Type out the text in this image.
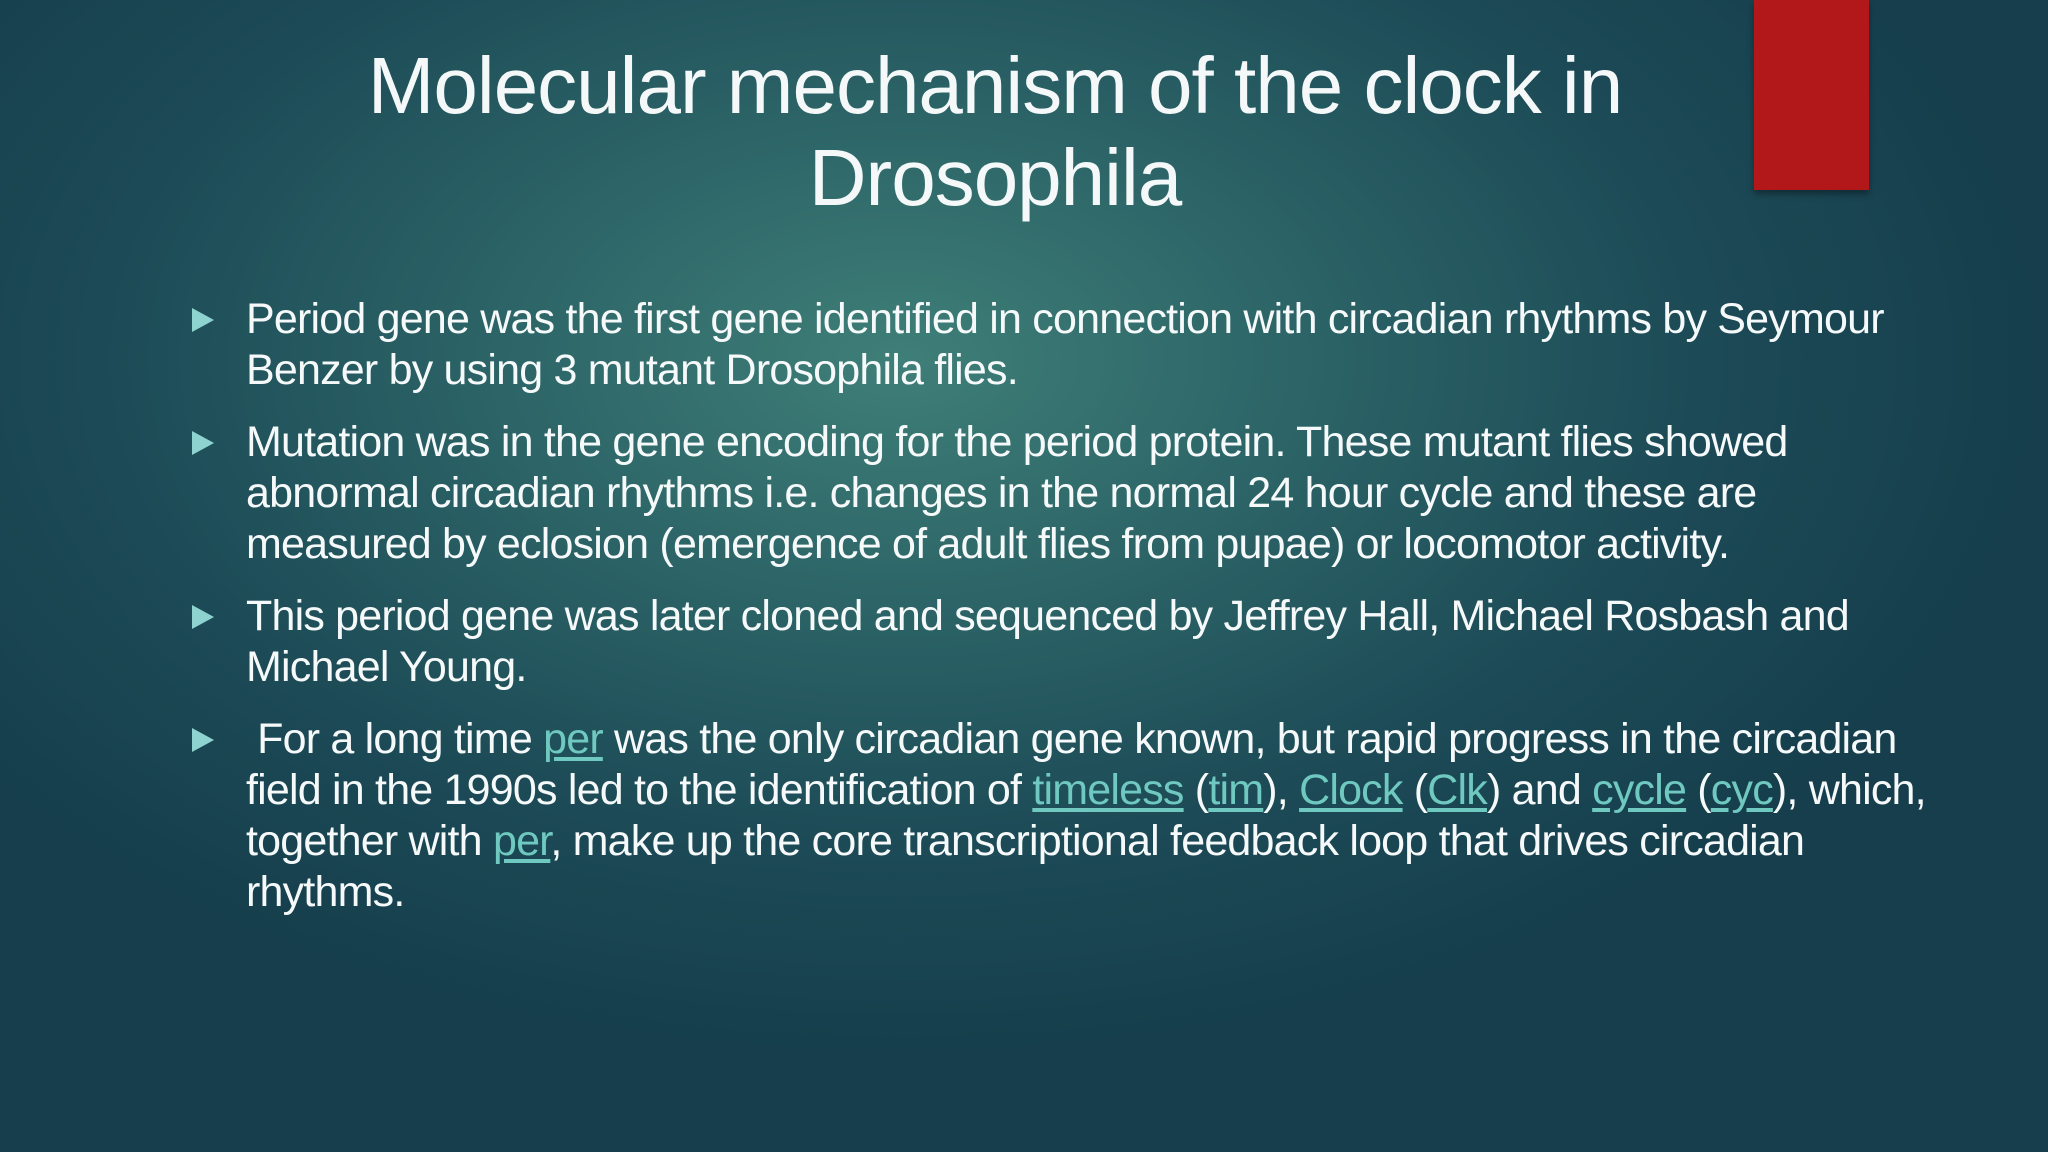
Molecular mechanism of the clock in
Drosophila
Period gene was the first gene identified in connection with circadian rhythms by Seymour Benzer by using 3 mutant Drosophila flies.
Mutation was in the gene encoding for the period protein. These mutant flies showed abnormal circadian rhythms i.e. changes in the normal 24 hour cycle and these are measured by eclosion (emergence of adult flies from pupae) or locomotor activity.
This period gene was later cloned and sequenced by Jeffrey Hall, Michael Rosbash and Michael Young.
For a long time per was the only circadian gene known, but rapid progress in the circadian field in the 1990s led to the identification of timeless (tim), Clock (Clk) and cycle (cyc), which, together with per, make up the core transcriptional feedback loop that drives circadian rhythms.
